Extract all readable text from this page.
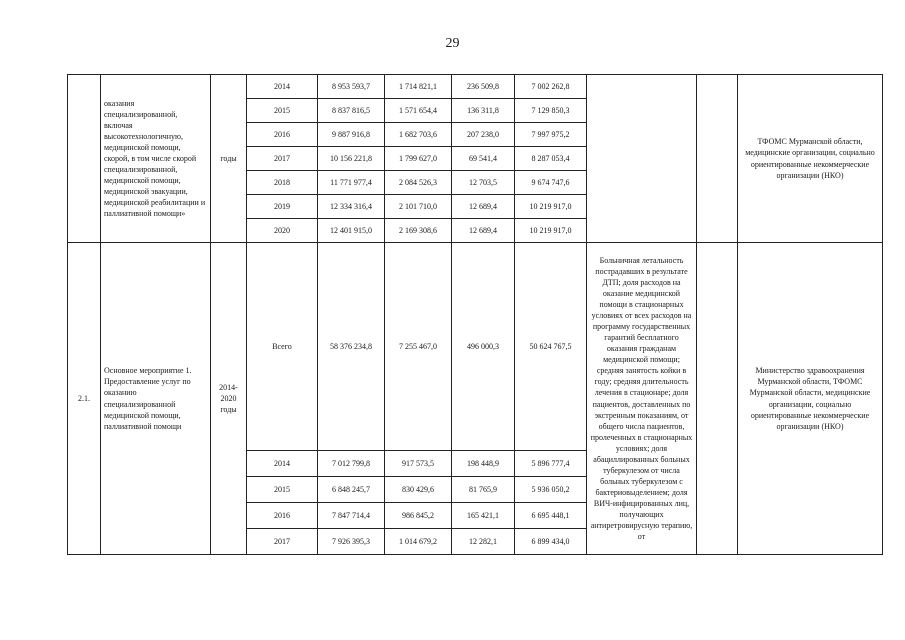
29
	оказания специализированной, включая высокотехнологичную, медицинской помощи, скорой, в том числе скорой специализированной, медицинской помощи, медицинской эвакуации, медицинской реабилитации и паллиативной помощи»	годы	2014	8 953 593,7	1 714 821,1	236 509,8	7 002 262,8			ТФОМС Мурманской области, медицинские организации, социально ориентированные некоммерческие организации (НКО)
			2015	8 837 816,5	1 571 654,4	136 311,8	7 129 850,3			
			2016	9 887 916,8	1 682 703,6	207 238,0	7 997 975,2			
			2017	10 156 221,8	1 799 627,0	69 541,4	8 287 053,4			
			2018	11 771 977,4	2 084 526,3	12 703,5	9 674 747,6			
			2019	12 334 316,4	2 101 710,0	12 689,4	10 219 917,0			
			2020	12 401 915,0	2 169 308,6	12 689,4	10 219 917,0			
2.1.	Основное мероприятие 1. Предоставление услуг по оказанию специализированной медицинской помощи, паллиативной помощи	2014-2020 годы	Всего	58 376 234,8	7 255 467,0	496 000,3	50 624 767,5	Больничная летальность пострадавших в результате ДТП; доля расходов на оказание медицинской помощи в стационарных условиях от всех расходов на программу государственных гарантий бесплатного оказания гражданам медицинской помощи; средняя занятость койки в году; средняя длительность лечения в стационаре; доля пациентов, доставленных по экстренным показаниям, от общего числа пациентов, пролеченных в стационарных условиях; доля абациллированных больных туберкулезом от числа больных туберкулезом с бактериовыделением; доля ВИЧ-инфицированных лиц, получающих антиретровирусную терапию, от		Министерство здравоохранения Мурманской области, ТФОМС Мурманской области, медицинские организации, социально ориентированные некоммерческие организации (НКО)
			2014	7 012 799,8	917 573,5	198 448,9	5 896 777,4			
			2015	6 848 245,7	830 429,6	81 765,9	5 936 050,2			
			2016	7 847 714,4	986 845,2	165 421,1	6 695 448,1			
			2017	7 926 395,3	1 014 679,2	12 282,1	6 899 434,0			
